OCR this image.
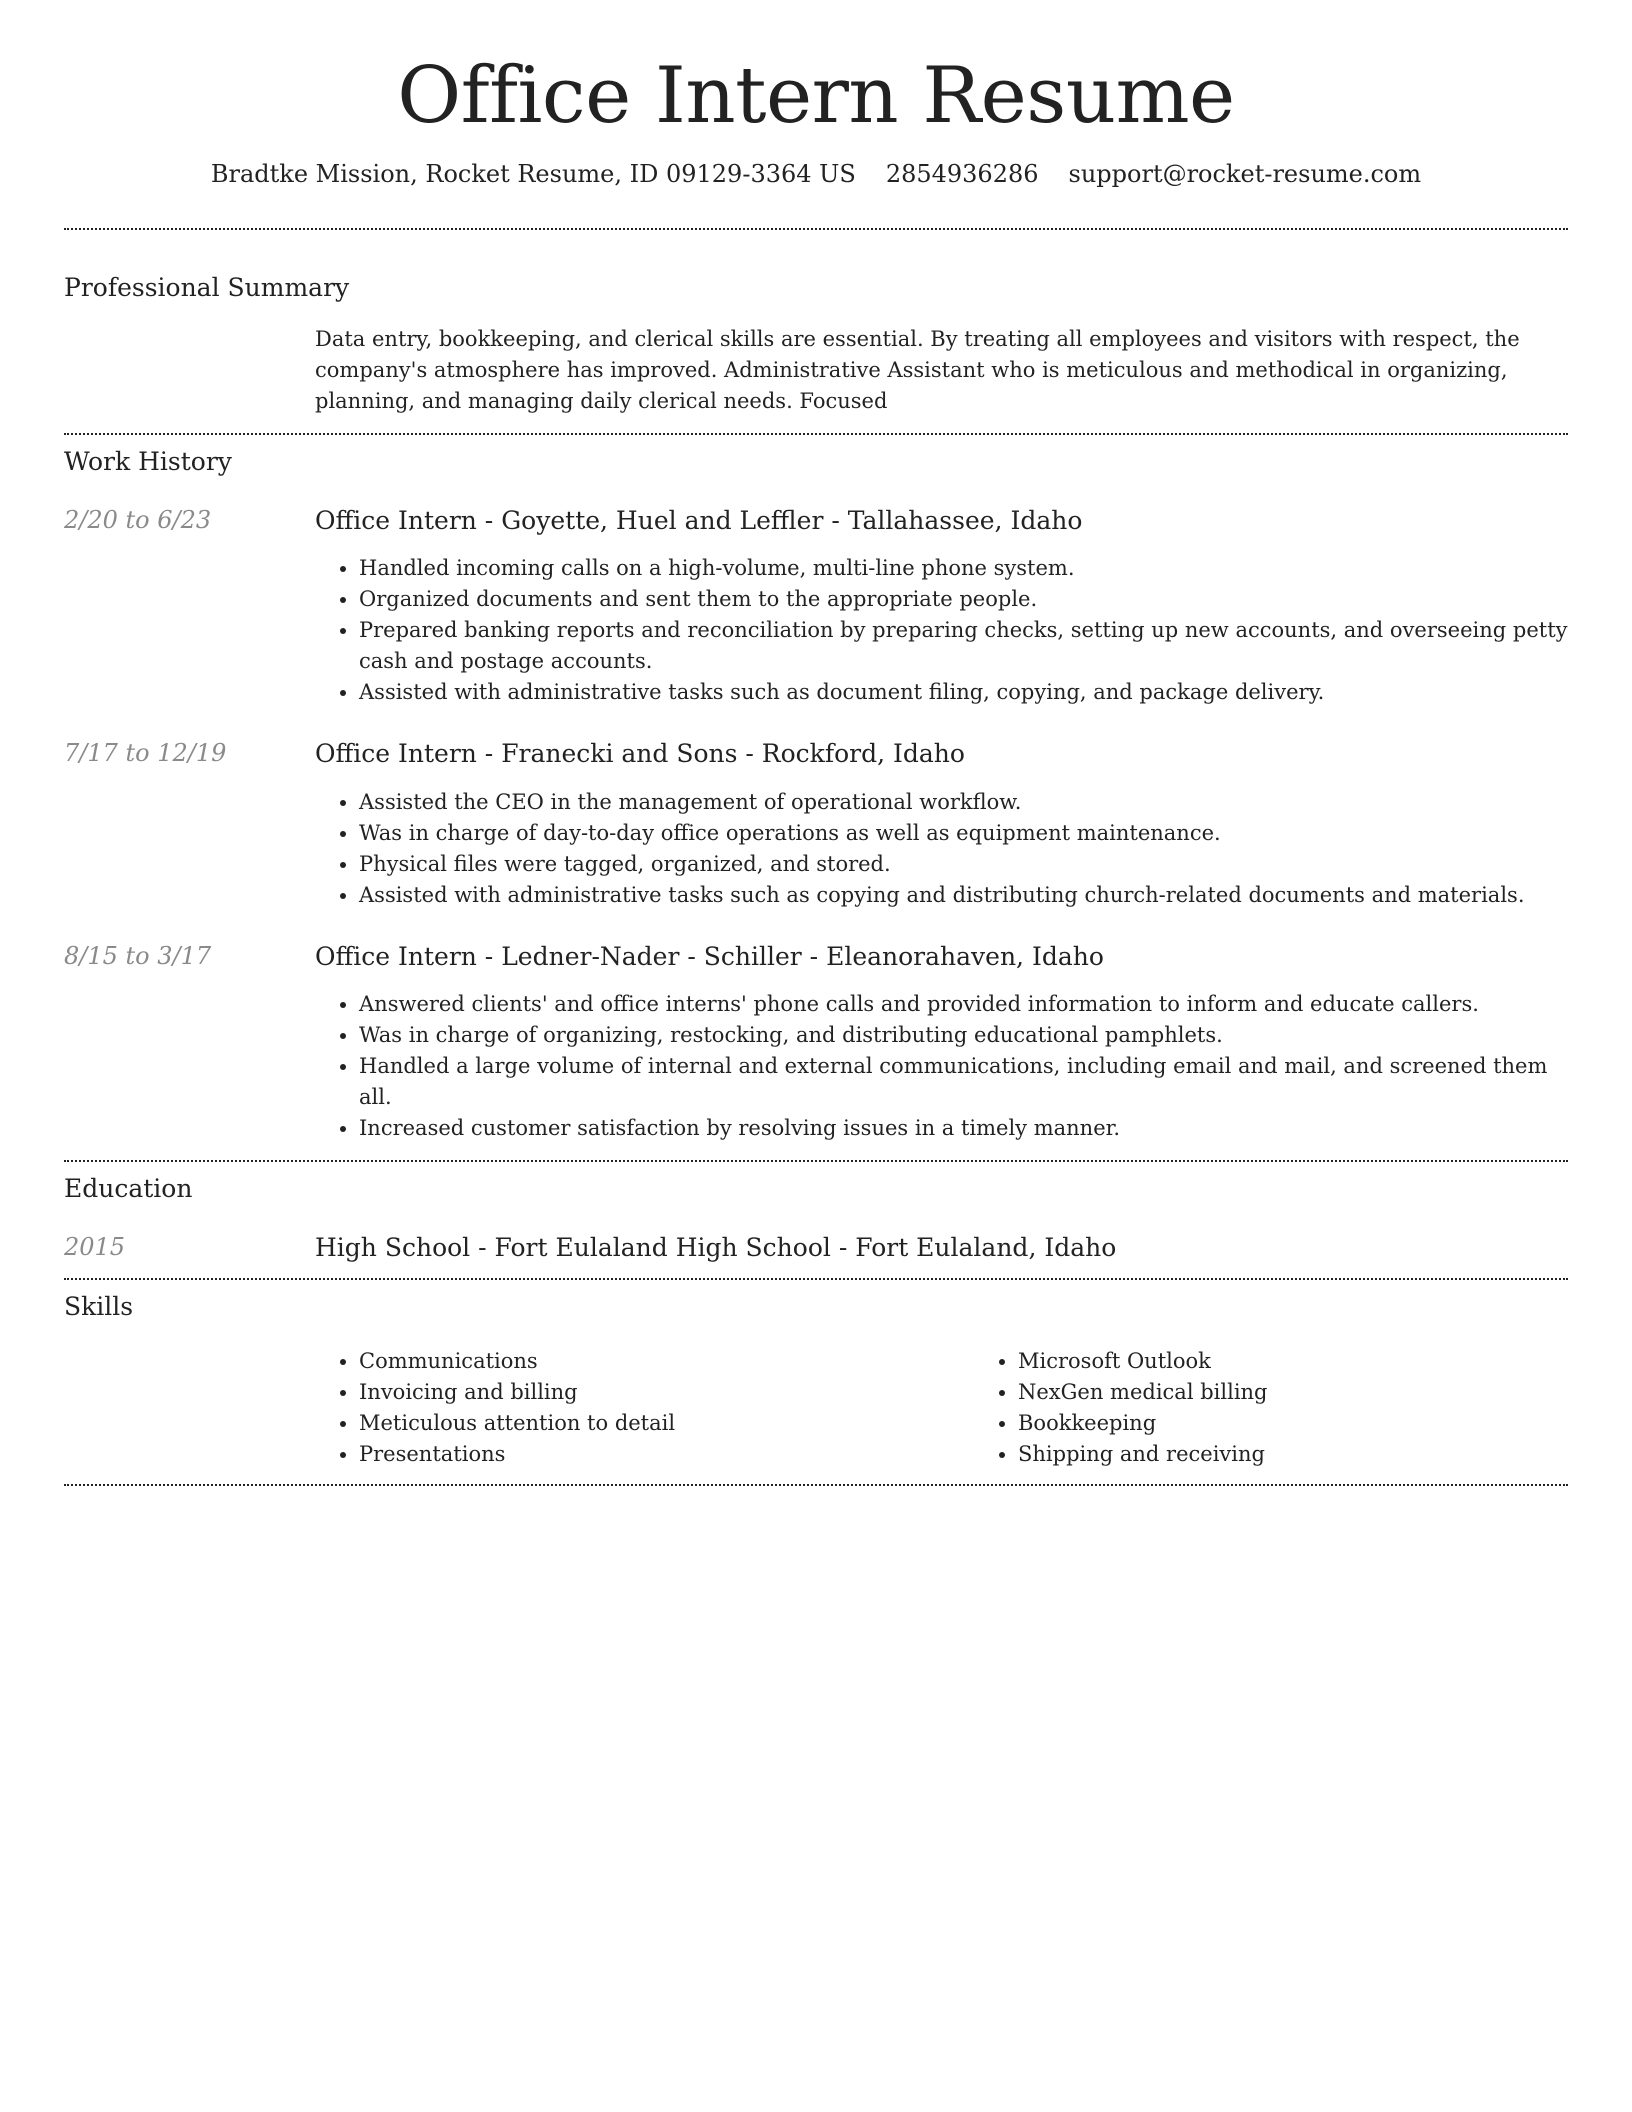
Office Intern Resume
Bradtke Mission, Rocket Resume, ID 09129-3364 US 2854936286 support@rocket-resume.com
Professional Summary

Data entry, bookkeeping, and clerical skills are essential. By treating all employees and visitors with respect, the company's atmosphere has improved. Administrative Assistant who is meticulous and methodical in organizing, planning, and managing daily clerical needs. Focused

Work History
2/20 to 6/23	Office Intern - Goyette, Huel and Leffler - Tallahassee, Idaho
• Handled incoming calls on a high-volume, multi-line phone system.
• Organized documents and sent them to the appropriate people.
• Prepared banking reports and reconciliation by preparing checks, setting up new accounts, and overseeing petty cash and postage accounts.
• Assisted with administrative tasks such as document filing, copying, and package delivery.
7/17 to 12/19	Office Intern - Franecki and Sons - Rockford, Idaho
• Assisted the CEO in the management of operational workflow.
• Was in charge of day-to-day office operations as well as equipment maintenance.
• Physical files were tagged, organized, and stored.
• Assisted with administrative tasks such as copying and distributing church-related documents and materials.
8/15 to 3/17	Office Intern - Ledner-Nader - Schiller - Eleanorahaven, Idaho
• Answered clients' and office interns' phone calls and provided information to inform and educate callers.
• Was in charge of organizing, restocking, and distributing educational pamphlets.
• Handled a large volume of internal and external communications, including email and mail, and screened them all.
• Increased customer satisfaction by resolving issues in a timely manner.
Education
2015	High School - Fort Eulaland High School - Fort Eulaland, Idaho
Skills
• Communications
• Invoicing and billing
• Meticulous attention to detail
• Presentations
• Microsoft Outlook
• NexGen medical billing
• Bookkeeping
• Shipping and receiving
